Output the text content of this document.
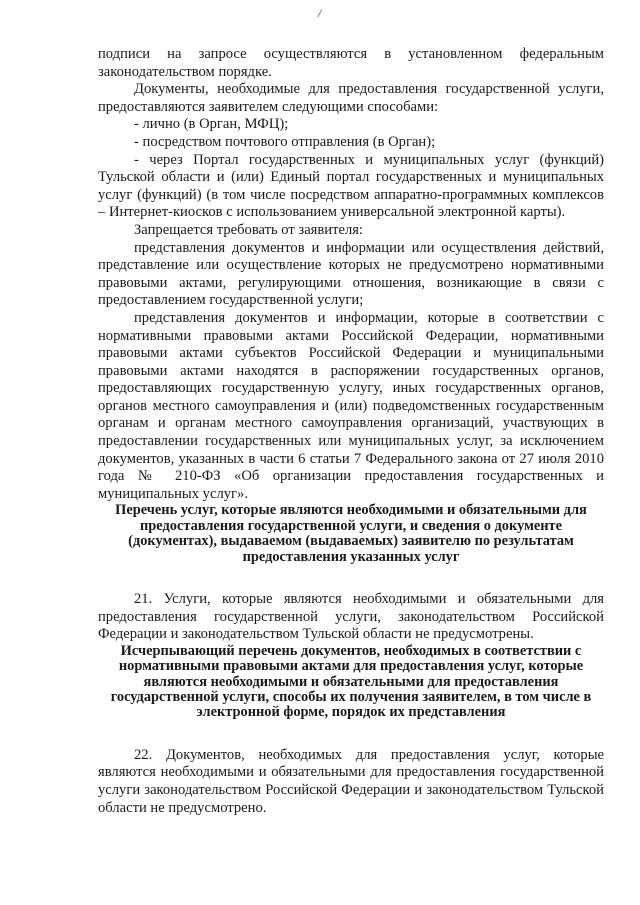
/

подписи на запросе осуществляются в установленном федеральным законодательством порядке.

Документы, необходимые для предоставления государственной услуги, предоставляются заявителем следующими способами:

- лично (в Орган, МФЦ);

- посредством почтового отправления (в Орган);

- через Портал государственных и муниципальных услуг (функций) Тульской области и (или) Единый портал государственных и муниципальных услуг (функций) (в том числе посредством аппаратно-программных комплексов – Интернет-киосков с использованием универсальной электронной карты).

Запрещается требовать от заявителя:

представления документов и информации или осуществления действий, представление или осуществление которых не предусмотрено нормативными правовыми актами, регулирующими отношения, возникающие в связи с предоставлением государственной услуги;

представления документов и информации, которые в соответствии с нормативными правовыми актами Российской Федерации, нормативными правовыми актами субъектов Российской Федерации и муниципальными правовыми актами находятся в распоряжении государственных органов, предоставляющих государственную услугу, иных государственных органов, органов местного самоуправления и (или) подведомственных государственным органам и органам местного самоуправления организаций, участвующих в предоставлении государственных или муниципальных услуг, за исключением документов, указанных в части 6 статьи 7 Федерального закона от 27 июля 2010 года № 210-ФЗ «Об организации предоставления государственных и муниципальных услуг».

Перечень услуг, которые являются необходимыми и обязательными для предоставления государственной услуги, и сведения о документе (документах), выдаваемом (выдаваемых) заявителю по результатам предоставления указанных услуг

21. Услуги, которые являются необходимыми и обязательными для предоставления государственной услуги, законодательством Российской Федерации и законодательством Тульской области не предусмотрены.

Исчерпывающий перечень документов, необходимых в соответствии с нормативными правовыми актами для предоставления услуг, которые являются необходимыми и обязательными для предоставления государственной услуги, способы их получения заявителем, в том числе в электронной форме, порядок их представления

22. Документов, необходимых для предоставления услуг, которые являются необходимыми и обязательными для предоставления государственной услуги законодательством Российской Федерации и законодательством Тульской области не предусмотрено.
